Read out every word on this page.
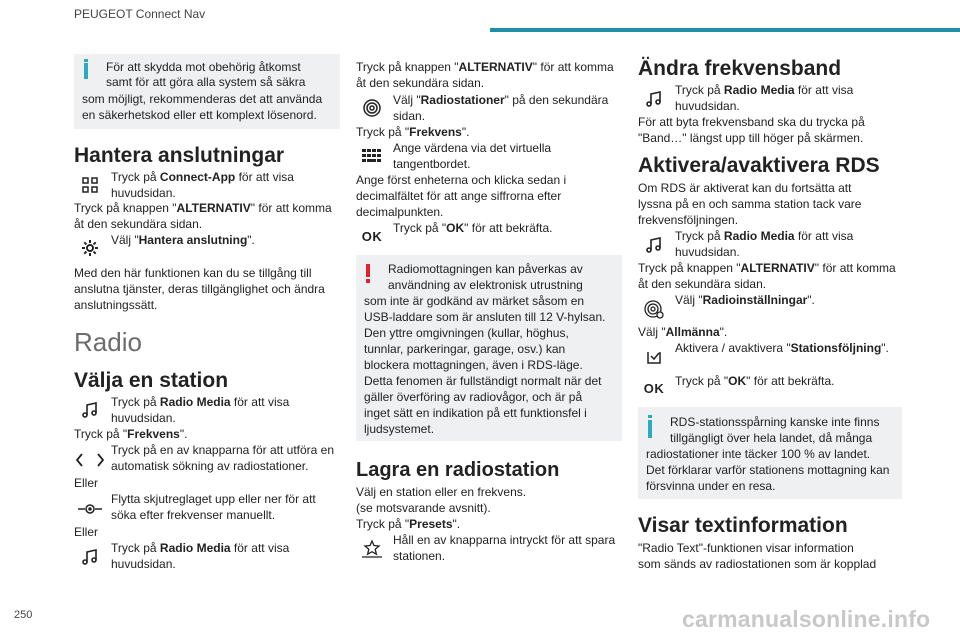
PEUGEOT Connect Nav
250	carmanualsonline.info
För att skydda mot obehörig åtkomst
samt för att göra alla system så säkra
som möjligt, rekommenderas det att använda
en säkerhetskod eller ett komplext lösenord.
Hantera anslutningar
Tryck på Connect-App för att visa
huvudsidan.
Tryck på knappen "ALTERNATIV" för att komma
åt den sekundära sidan.
Välj "Hantera anslutning".
Med den här funktionen kan du se tillgång till
anslutna tjänster, deras tillgänglighet och ändra
anslutningssätt.
Radio
Välja en station
Tryck på Radio Media för att visa
huvudsidan.
Tryck på "Frekvens".
Tryck på en av knapparna för att utföra en
automatisk sökning av radiostationer.
Eller
Flytta skjutreglaget upp eller ner för att
söka efter frekvenser manuellt.
Eller
Tryck på Radio Media för att visa
huvudsidan.
Tryck på knappen "ALTERNATIV" för att komma
åt den sekundära sidan.
Välj "Radiostationer" på den sekundära
sidan.
Tryck på "Frekvens".
Ange värdena via det virtuella
tangentbordet.
Ange först enheterna och klicka sedan i
decimalfältet för att ange siffrorna efter
decimalpunkten.
OK
Tryck på "OK" för att bekräfta.
Radiomottagningen kan påverkas av
användning av elektronisk utrustning
som inte är godkänd av märket såsom en
USB-laddare som är ansluten till 12 V-hylsan.
Den yttre omgivningen (kullar, höghus,
tunnlar, parkeringar, garage, osv.) kan
blockera mottagningen, även i RDS-läge.
Detta fenomen är fullständigt normalt när det
gäller överföring av radiovågor, och är på
inget sätt en indikation på ett funktionsfel i
ljudsystemet.
Lagra en radiostation
Välj en station eller en frekvens.
(se motsvarande avsnitt).
Tryck på "Presets".
Håll en av knapparna intryckt för att spara
stationen.
Ändra frekvensband
Tryck på Radio Media för att visa
huvudsidan.
För att byta frekvensband ska du trycka på
"Band…" längst upp till höger på skärmen.
Aktivera/avaktivera RDS
Om RDS är aktiverat kan du fortsätta att
lyssna på en och samma station tack vare
frekvensföljningen.
Tryck på Radio Media för att visa
huvudsidan.
Tryck på knappen "ALTERNATIV" för att komma
åt den sekundära sidan.
Välj "Radioinställningar".
Välj "Allmänna".
Aktivera / avaktivera "Stationsföljning".
OK Tryck på "OK" för att bekräfta.
RDS-stationsspårning kanske inte finns
tillgängligt över hela landet, då många
radiostationer inte täcker 100 % av landet.
Det förklarar varför stationens mottagning kan
försvinna under en resa.
Visar textinformation
"Radio Text"-funktionen visar information
som sänds av radiostationen som är kopplad
